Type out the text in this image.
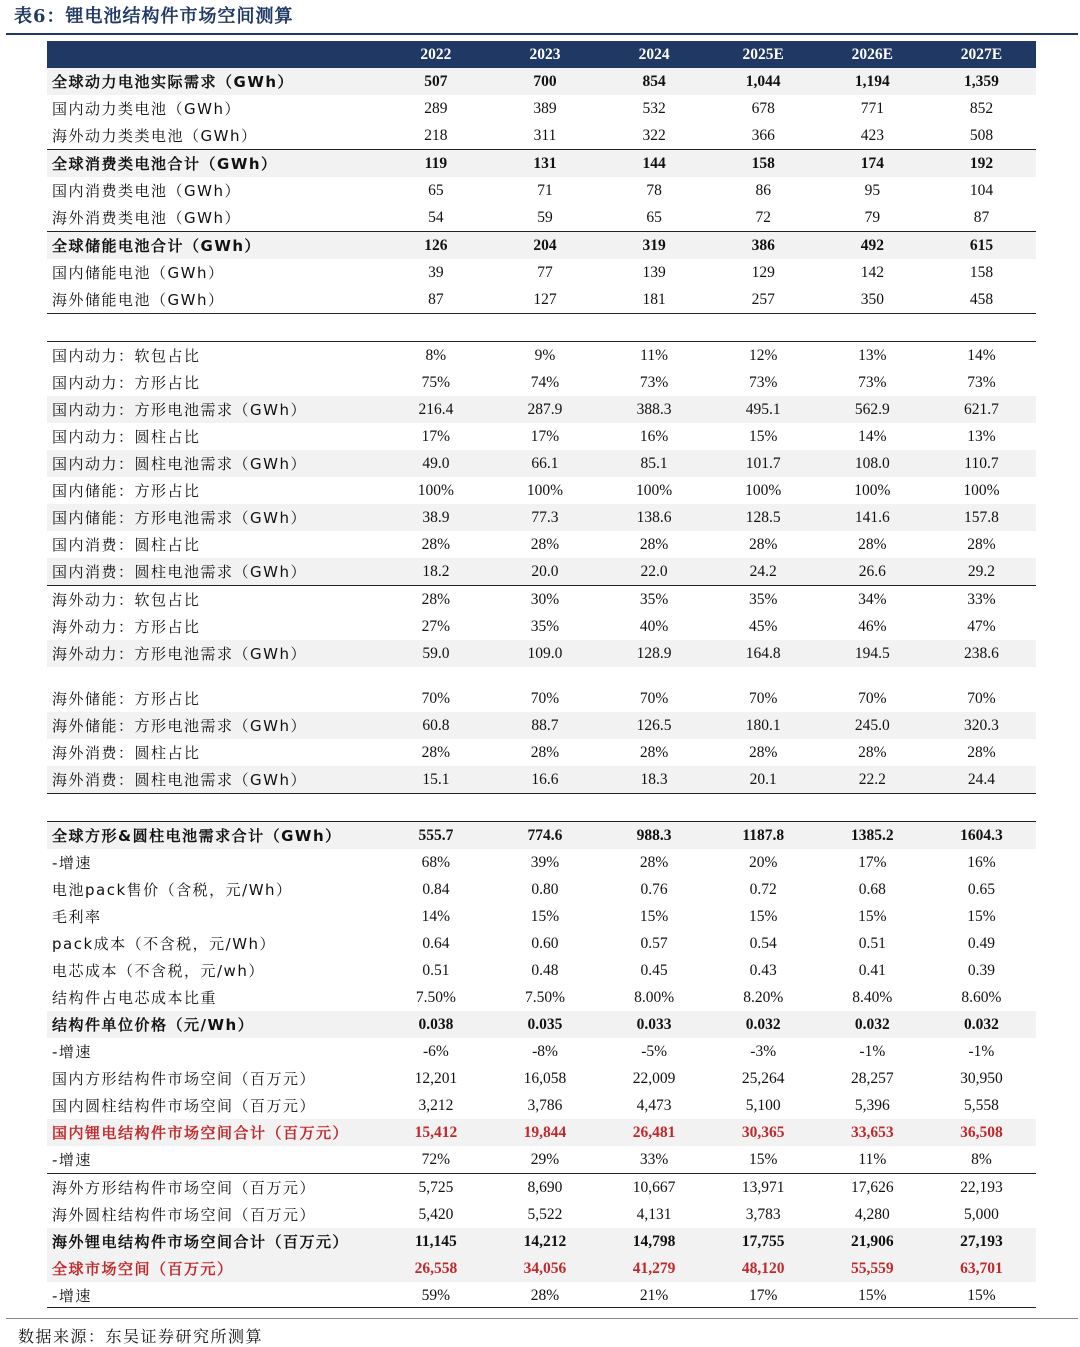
表6：锂电池结构件市场空间测算
	2022	2023	2024	2025E	2026E	2027E
全球动力电池实际需求（GWh）	507	700	854	1,044	1,194	1,359
国内动力类电池（GWh）	289	389	532	678	771	852
海外动力类类电池（GWh）	218	311	322	366	423	508
全球消费类电池合计（GWh）	119	131	144	158	174	192
国内消费类电池（GWh）	65	71	78	86	95	104
海外消费类电池（GWh）	54	59	65	72	79	87
全球储能电池合计（GWh）	126	204	319	386	492	615
国内储能电池（GWh）	39	77	139	129	142	158
海外储能电池（GWh）	87	127	181	257	350	458

国内动力：软包占比	8%	9%	11%	12%	13%	14%
国内动力：方形占比	75%	74%	73%	73%	73%	73%
国内动力：方形电池需求（GWh）	216.4	287.9	388.3	495.1	562.9	621.7
国内动力：圆柱占比	17%	17%	16%	15%	14%	13%
国内动力：圆柱电池需求（GWh）	49.0	66.1	85.1	101.7	108.0	110.7
国内储能：方形占比	100%	100%	100%	100%	100%	100%
国内储能：方形电池需求（GWh）	38.9	77.3	138.6	128.5	141.6	157.8
国内消费：圆柱占比	28%	28%	28%	28%	28%	28%
国内消费：圆柱电池需求（GWh）	18.2	20.0	22.0	24.2	26.6	29.2
海外动力：软包占比	28%	30%	35%	35%	34%	33%
海外动力：方形占比	27%	35%	40%	45%	46%	47%
海外动力：方形电池需求（GWh）	59.0	109.0	128.9	164.8	194.5	238.6

海外储能：方形占比	70%	70%	70%	70%	70%	70%
海外储能：方形电池需求（GWh）	60.8	88.7	126.5	180.1	245.0	320.3
海外消费：圆柱占比	28%	28%	28%	28%	28%	28%
海外消费：圆柱电池需求（GWh）	15.1	16.6	18.3	20.1	22.2	24.4

全球方形&圆柱电池需求合计（GWh）	555.7	774.6	988.3	1187.8	1385.2	1604.3
-增速	68%	39%	28%	20%	17%	16%
电池pack售价（含税，元/Wh）	0.84	0.80	0.76	0.72	0.68	0.65
毛利率	14%	15%	15%	15%	15%	15%
pack成本（不含税，元/Wh）	0.64	0.60	0.57	0.54	0.51	0.49
电芯成本（不含税，元/wh）	0.51	0.48	0.45	0.43	0.41	0.39
结构件占电芯成本比重	7.50%	7.50%	8.00%	8.20%	8.40%	8.60%
结构件单位价格（元/Wh）	0.038	0.035	0.033	0.032	0.032	0.032
-增速	-6%	-8%	-5%	-3%	-1%	-1%
国内方形结构件市场空间（百万元）	12,201	16,058	22,009	25,264	28,257	30,950
国内圆柱结构件市场空间（百万元）	3,212	3,786	4,473	5,100	5,396	5,558
国内锂电结构件市场空间合计（百万元）	15,412	19,844	26,481	30,365	33,653	36,508
-增速	72%	29%	33%	15%	11%	8%
海外方形结构件市场空间（百万元）	5,725	8,690	10,667	13,971	17,626	22,193
海外圆柱结构件市场空间（百万元）	5,420	5,522	4,131	3,783	4,280	5,000
海外锂电结构件市场空间合计（百万元）	11,145	14,212	14,798	17,755	21,906	27,193
全球市场空间（百万元）	26,558	34,056	41,279	48,120	55,559	63,701
-增速	59%	28%	21%	17%	15%	15%
数据来源：东吴证券研究所测算
